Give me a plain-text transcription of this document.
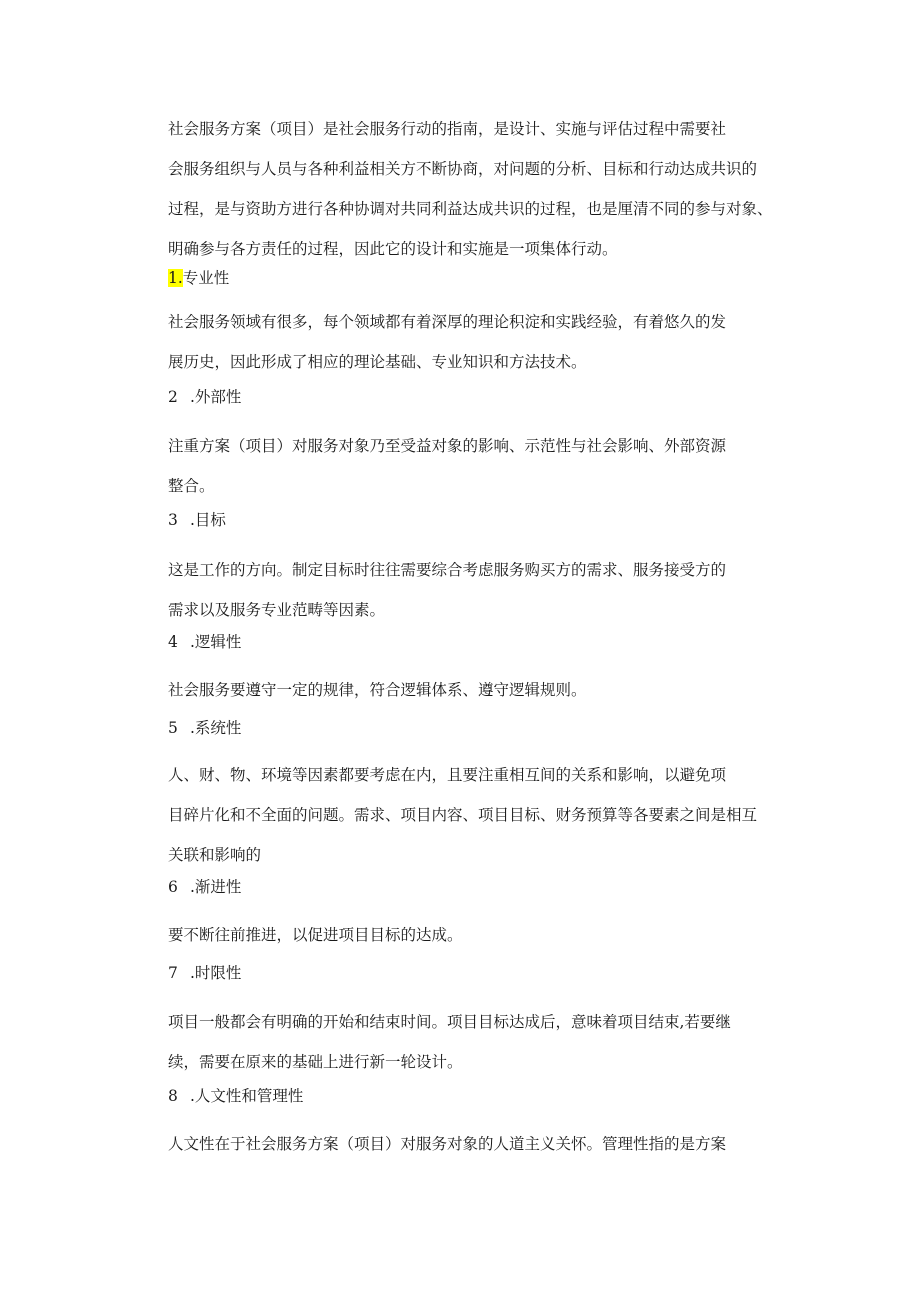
社会服务方案（项目）是社会服务行动的指南，是设计、实施与评估过程中需要社
会服务组织与人员与各种利益相关方不断协商，对问题的分析、目标和行动达成共识的
过程，是与资助方进行各种协调对共同利益达成共识的过程，也是厘清不同的参与对象、
明确参与各方责任的过程，因此它的设计和实施是一项集体行动。

1.专业性

社会服务领域有很多，每个领域都有着深厚的理论积淀和实践经验，有着悠久的发
展历史，因此形成了相应的理论基础、专业知识和方法技术。

2 .外部性

注重方案（项目）对服务对象乃至受益对象的影响、示范性与社会影响、外部资源
整合。

3 .目标

这是工作的方向。制定目标时往往需要综合考虑服务购买方的需求、服务接受方的
需求以及服务专业范畴等因素。

4 .逻辑性

社会服务要遵守一定的规律，符合逻辑体系、遵守逻辑规则。

5 .系统性

人、财、物、环境等因素都要考虑在内，且要注重相互间的关系和影响，以避免项
目碎片化和不全面的问题。需求、项目内容、项目目标、财务预算等各要素之间是相互
关联和影响的

6 .渐进性

要不断往前推进，以促进项目目标的达成。

7 .时限性

项目一般都会有明确的开始和结束时间。项目目标达成后，意味着项目结束,若要继
续，需要在原来的基础上进行新一轮设计。

8 .人文性和管理性

人文性在于社会服务方案（项目）对服务对象的人道主义关怀。管理性指的是方案
